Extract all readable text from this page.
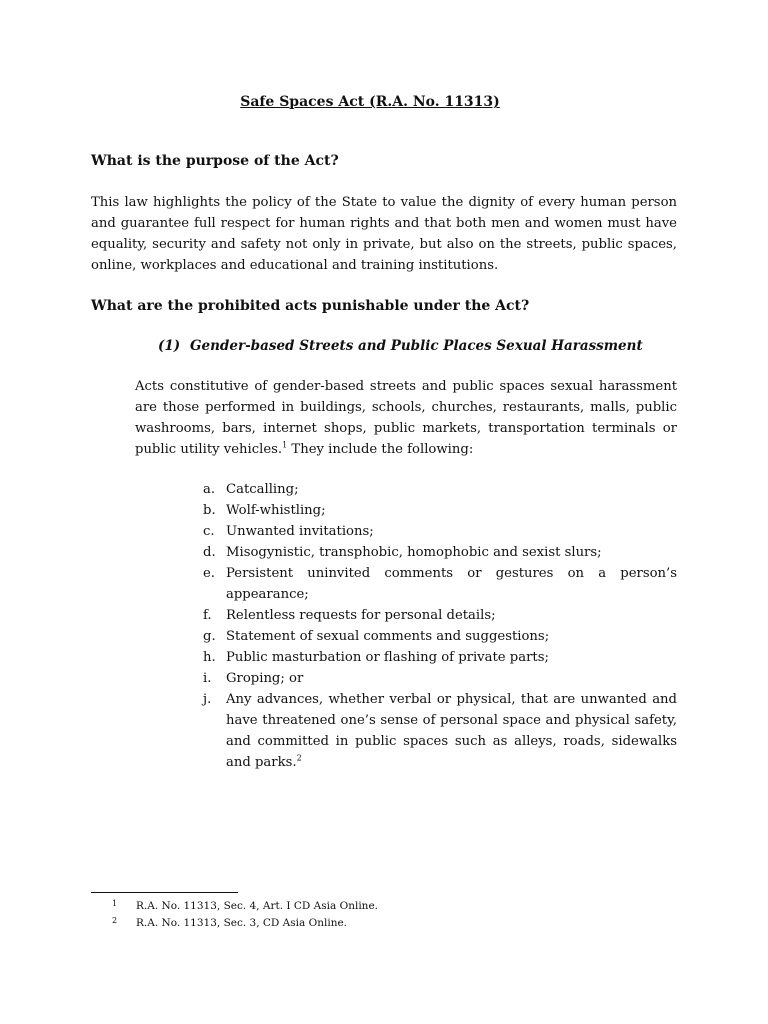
Safe Spaces Act (R.A. No. 11313)
What is the purpose of the Act?
This law highlights the policy of the State to value the dignity of every human person and guarantee full respect for human rights and that both men and women must have equality, security and safety not only in private, but also on the streets, public spaces, online, workplaces and educational and training institutions.
What are the prohibited acts punishable under the Act?
(1) Gender-based Streets and Public Places Sexual Harassment
Acts constitutive of gender-based streets and public spaces sexual harassment are those performed in buildings, schools, churches, restaurants, malls, public washrooms, bars, internet shops, public markets, transportation terminals or public utility vehicles.$^1$ They include the following:
a. Catcalling;
b. Wolf-whistling;
c. Unwanted invitations;
d. Misogynistic, transphobic, homophobic and sexist slurs;
e. Persistent uninvited comments or gestures on a person’s appearance;
f.	Relentless requests for personal details;
g. Statement of sexual comments and suggestions;
h. Public masturbation or flashing of private parts;
i.	Groping; or
j.	Any advances, whether verbal or physical, that are unwanted and have threatened one’s sense of personal space and physical safety, and committed in public spaces such as alleys, roads, sidewalks and parks.$^2$
1	R.A. No. 11313, Sec. 4, Art. I CD Asia Online.
2	R.A. No. 11313, Sec. 3, CD Asia Online.
